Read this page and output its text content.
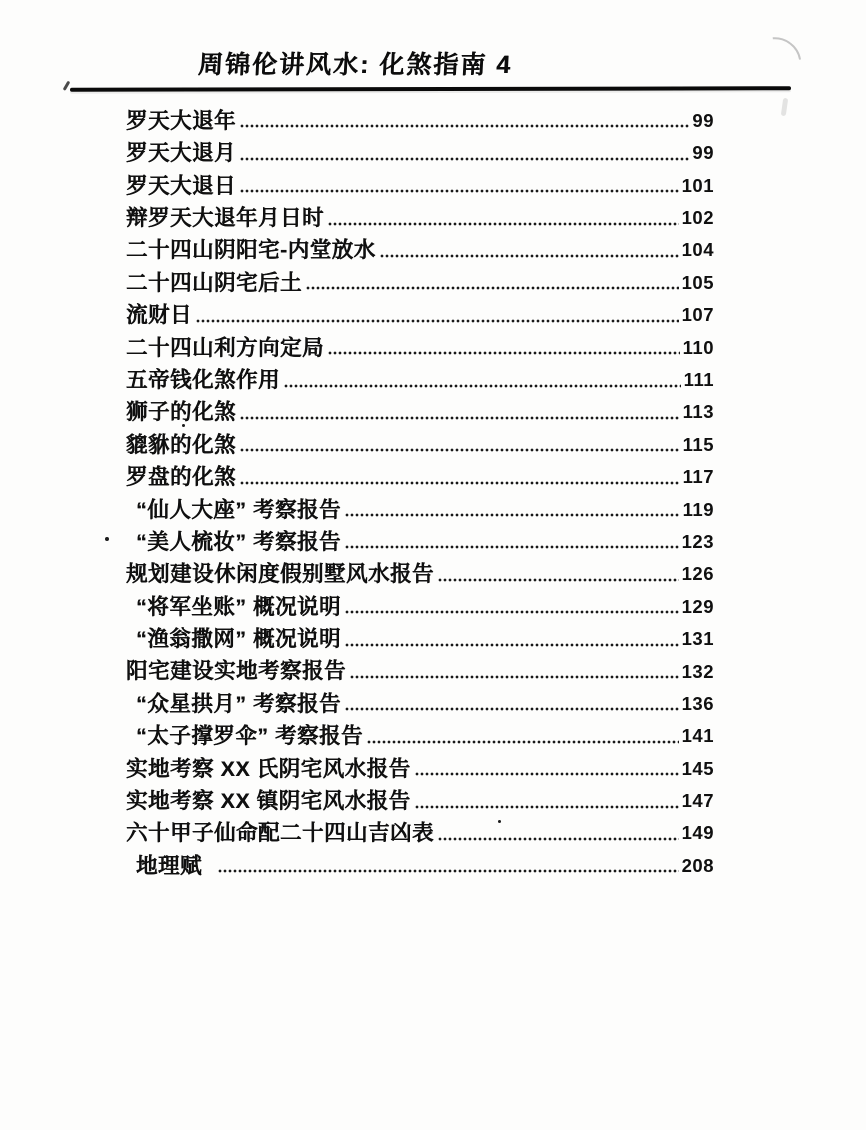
周锦伦讲风水: 化煞指南 4
罗天大退年	99
罗天大退月	99
罗天大退日	101
辩罗天大退年月日时	102
二十四山阴阳宅-内堂放水	104
二十四山阴宅后土	105
流财日	107
二十四山利方向定局	110
五帝钱化煞作用	111
狮子的化煞	113
貔貅的化煞	115
罗盘的化煞	117
“仙人大座” 考察报告	119
“美人梳妆” 考察报告	123
规划建设休闲度假别墅风水报告	126
“将军坐账” 概况说明	129
“渔翁撒网” 概况说明	131
阳宅建设实地考察报告	132
“众星拱月” 考察报告	136
“太子撑罗伞” 考察报告	141
实地考察 XX 氏阴宅风水报告	145
实地考察 XX 镇阴宅风水报告	147
六十甲子仙命配二十四山吉凶表	149
地理赋	208
